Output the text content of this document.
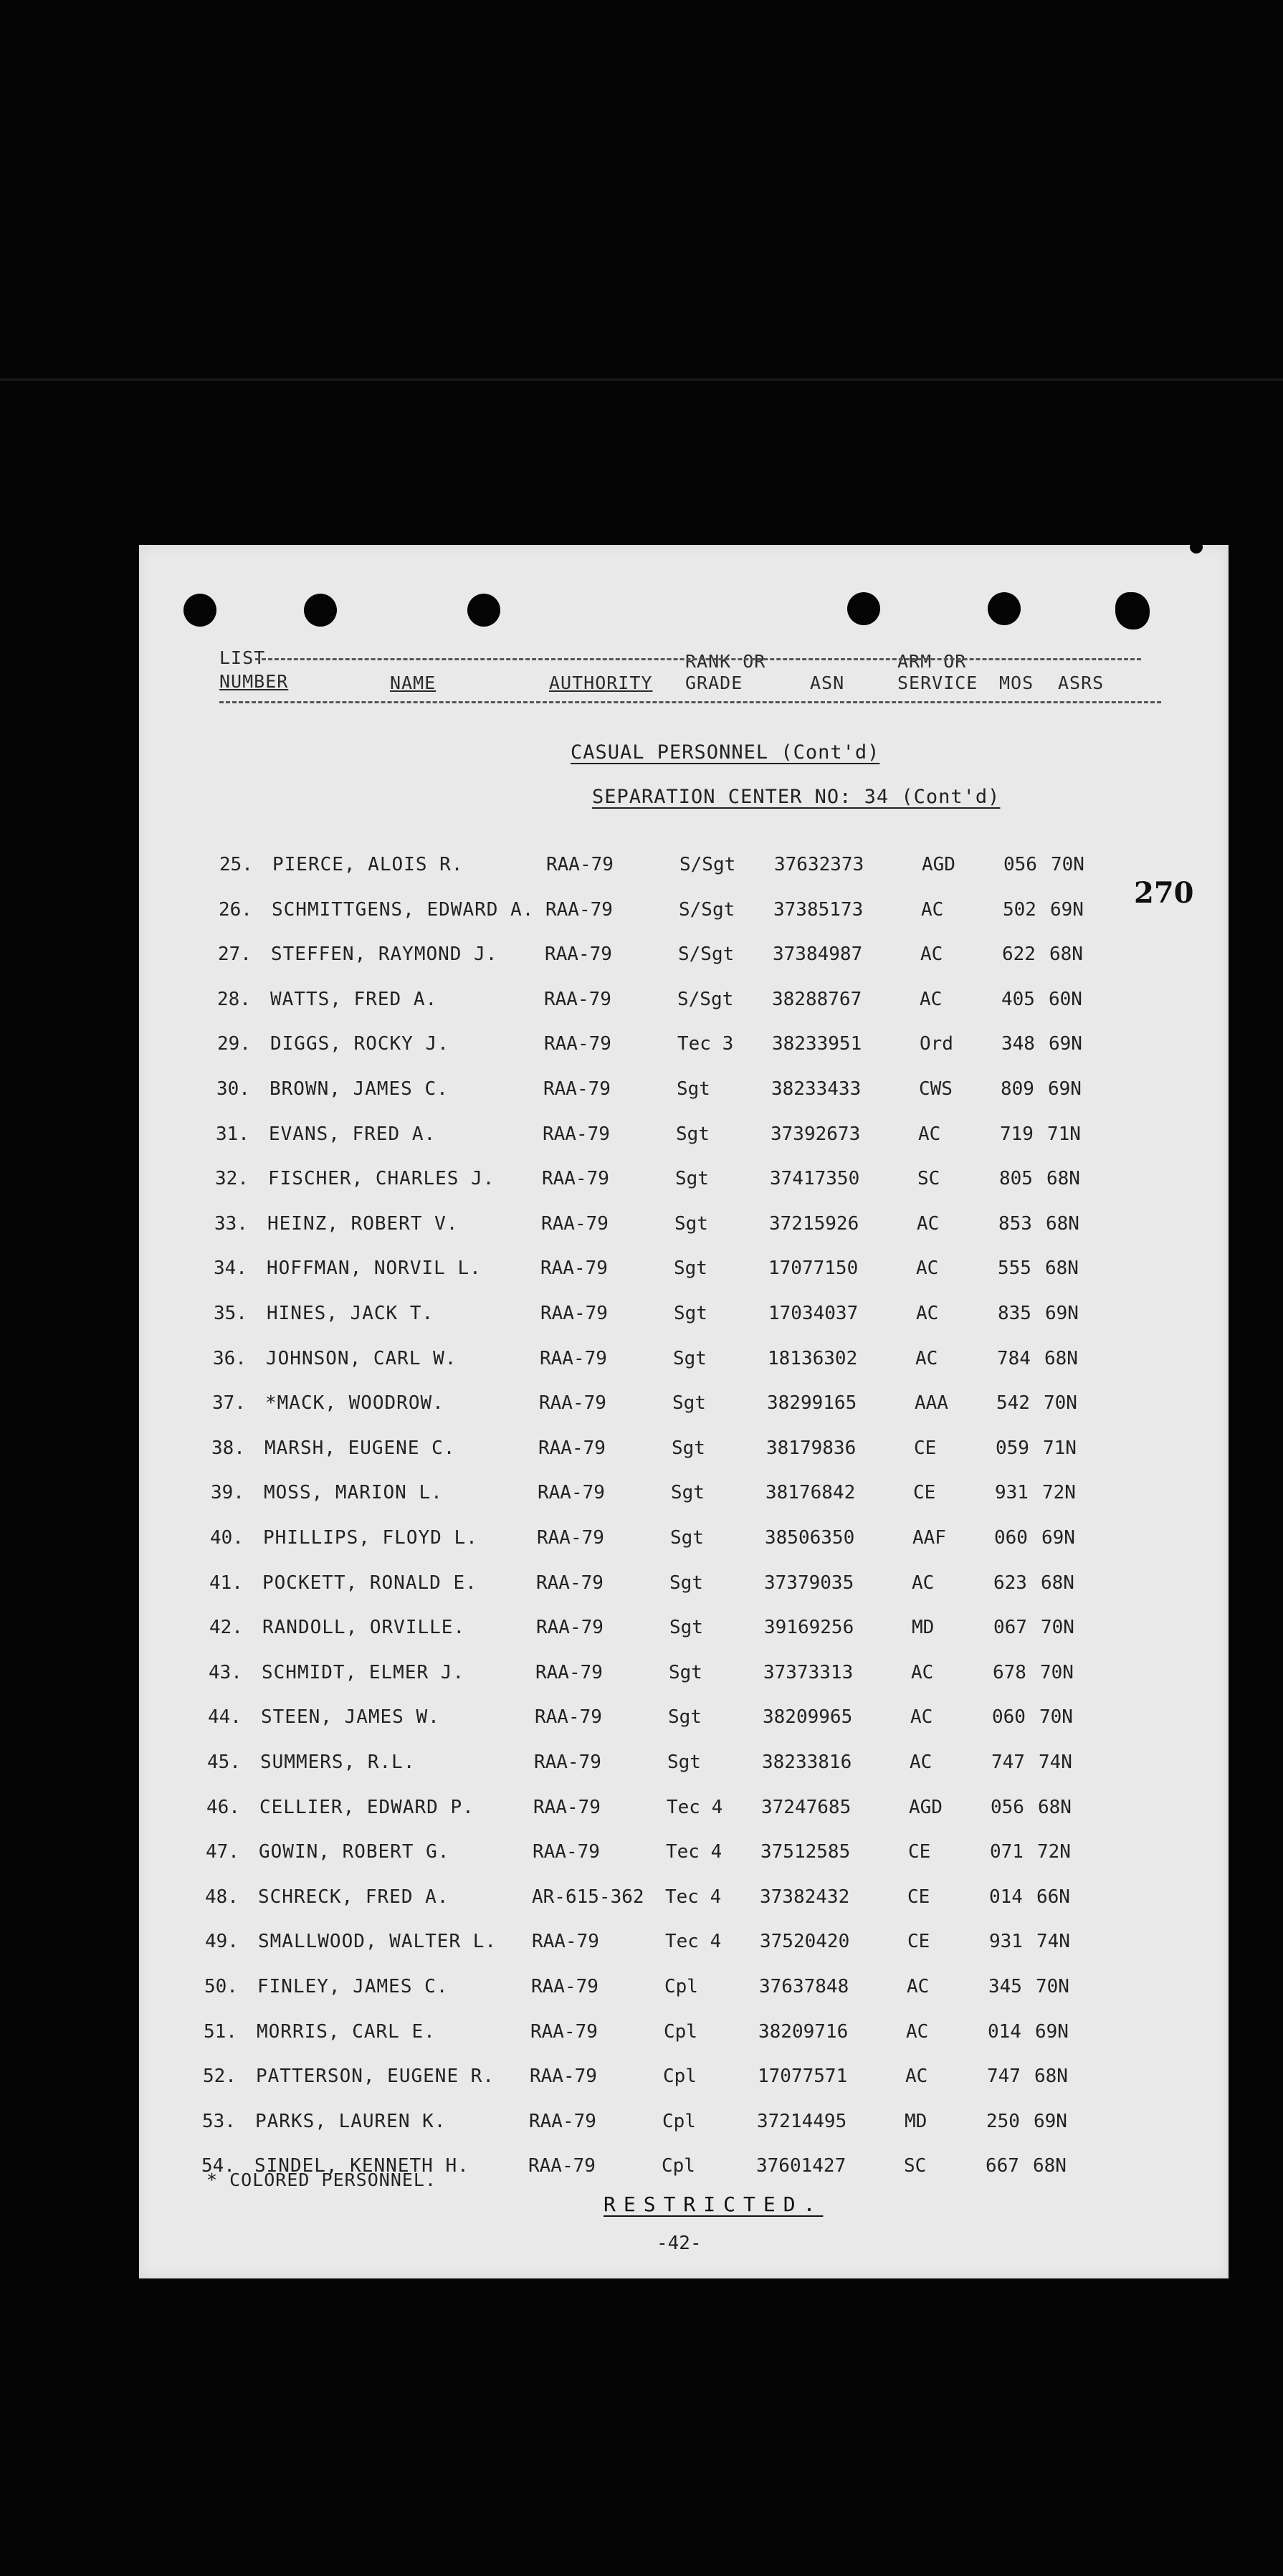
LIST
NUMBER	NAME	AUTHORITY
RANK OR
GRADE	ASN
ARM OR
SERVICE MOS ASRS
CASUAL PERSONNEL (Cont'd)
SEPARATION CENTER NO: 34 (Cont'd)
270
25. PIERCE, ALOIS R.	RAA-79	S/Sgt 37632373	AGD	056 70N
26. SCHMITTGENS, EDWARD A. RAA-79	S/Sgt 37385173	AC	502 69N
27. STEFFEN, RAYMOND J.	RAA-79	S/Sgt 37384987	AC	622 68N
28. WATTS, FRED A.	RAA-79	S/Sgt 38288767	AC	405 60N
29. DIGGS, ROCKY J.	RAA-79	Tec 3 38233951	Ord	348 69N
30. BROWN, JAMES C.	RAA-79	Sgt	38233433	CWS	809 69N
31. EVANS, FRED A.	RAA-79	Sgt	37392673	AC	719 71N
32. FISCHER, CHARLES J.	RAA-79	Sgt	37417350	SC	805 68N
33. HEINZ, ROBERT V.	RAA-79	Sgt	37215926	AC	853 68N
34. HOFFMAN, NORVIL L.	RAA-79	Sgt	17077150	AC	555 68N
35. HINES, JACK T.	RAA-79	Sgt	17034037	AC	835 69N
36. JOHNSON, CARL W.	RAA-79	Sgt	18136302	AC	784 68N
37. *MACK, WOODROW.	RAA-79	Sgt	38299165	AAA	542 70N
38. MARSH, EUGENE C.	RAA-79	Sgt	38179836	CE	059 71N
39. MOSS, MARION L.	RAA-79	Sgt	38176842	CE	931 72N
40. PHILLIPS, FLOYD L.	RAA-79	Sgt	38506350	AAF	060 69N
41. POCKETT, RONALD E.	RAA-79	Sgt	37379035	AC	623 68N
42. RANDOLL, ORVILLE.	RAA-79	Sgt	39169256	MD	067 70N
43. SCHMIDT, ELMER J.	RAA-79	Sgt	37373313	AC	678 70N
44. STEEN, JAMES W.	RAA-79	Sgt	38209965	AC	060 70N
45. SUMMERS, R.L.	RAA-79	Sgt	38233816	AC	747 74N
46. CELLIER, EDWARD P.	RAA-79	Tec 4 37247685	AGD	056 68N
47. GOWIN, ROBERT G.	RAA-79	Tec 4 37512585	CE	071 72N
48. SCHRECK, FRED A.	AR-615-362 Tec 4 37382432	CE	014 66N
49. SMALLWOOD, WALTER L. RAA-79	Tec 4 37520420	CE	931 74N
50. FINLEY, JAMES C.	RAA-79	Cpl	37637848	AC	345 70N
51. MORRIS, CARL E.	RAA-79	Cpl	38209716	AC	014 69N
52. PATTERSON, EUGENE R. RAA-79	Cpl	17077571	AC	747 68N
53. PARKS, LAUREN K.	RAA-79	Cpl	37214495	MD	250 69N
54. SINDEL, KENNETH H.	RAA-79	Cpl	37601427	SC	667 68N
* COLORED PERSONNEL.
RESTRICTED.
-42-
